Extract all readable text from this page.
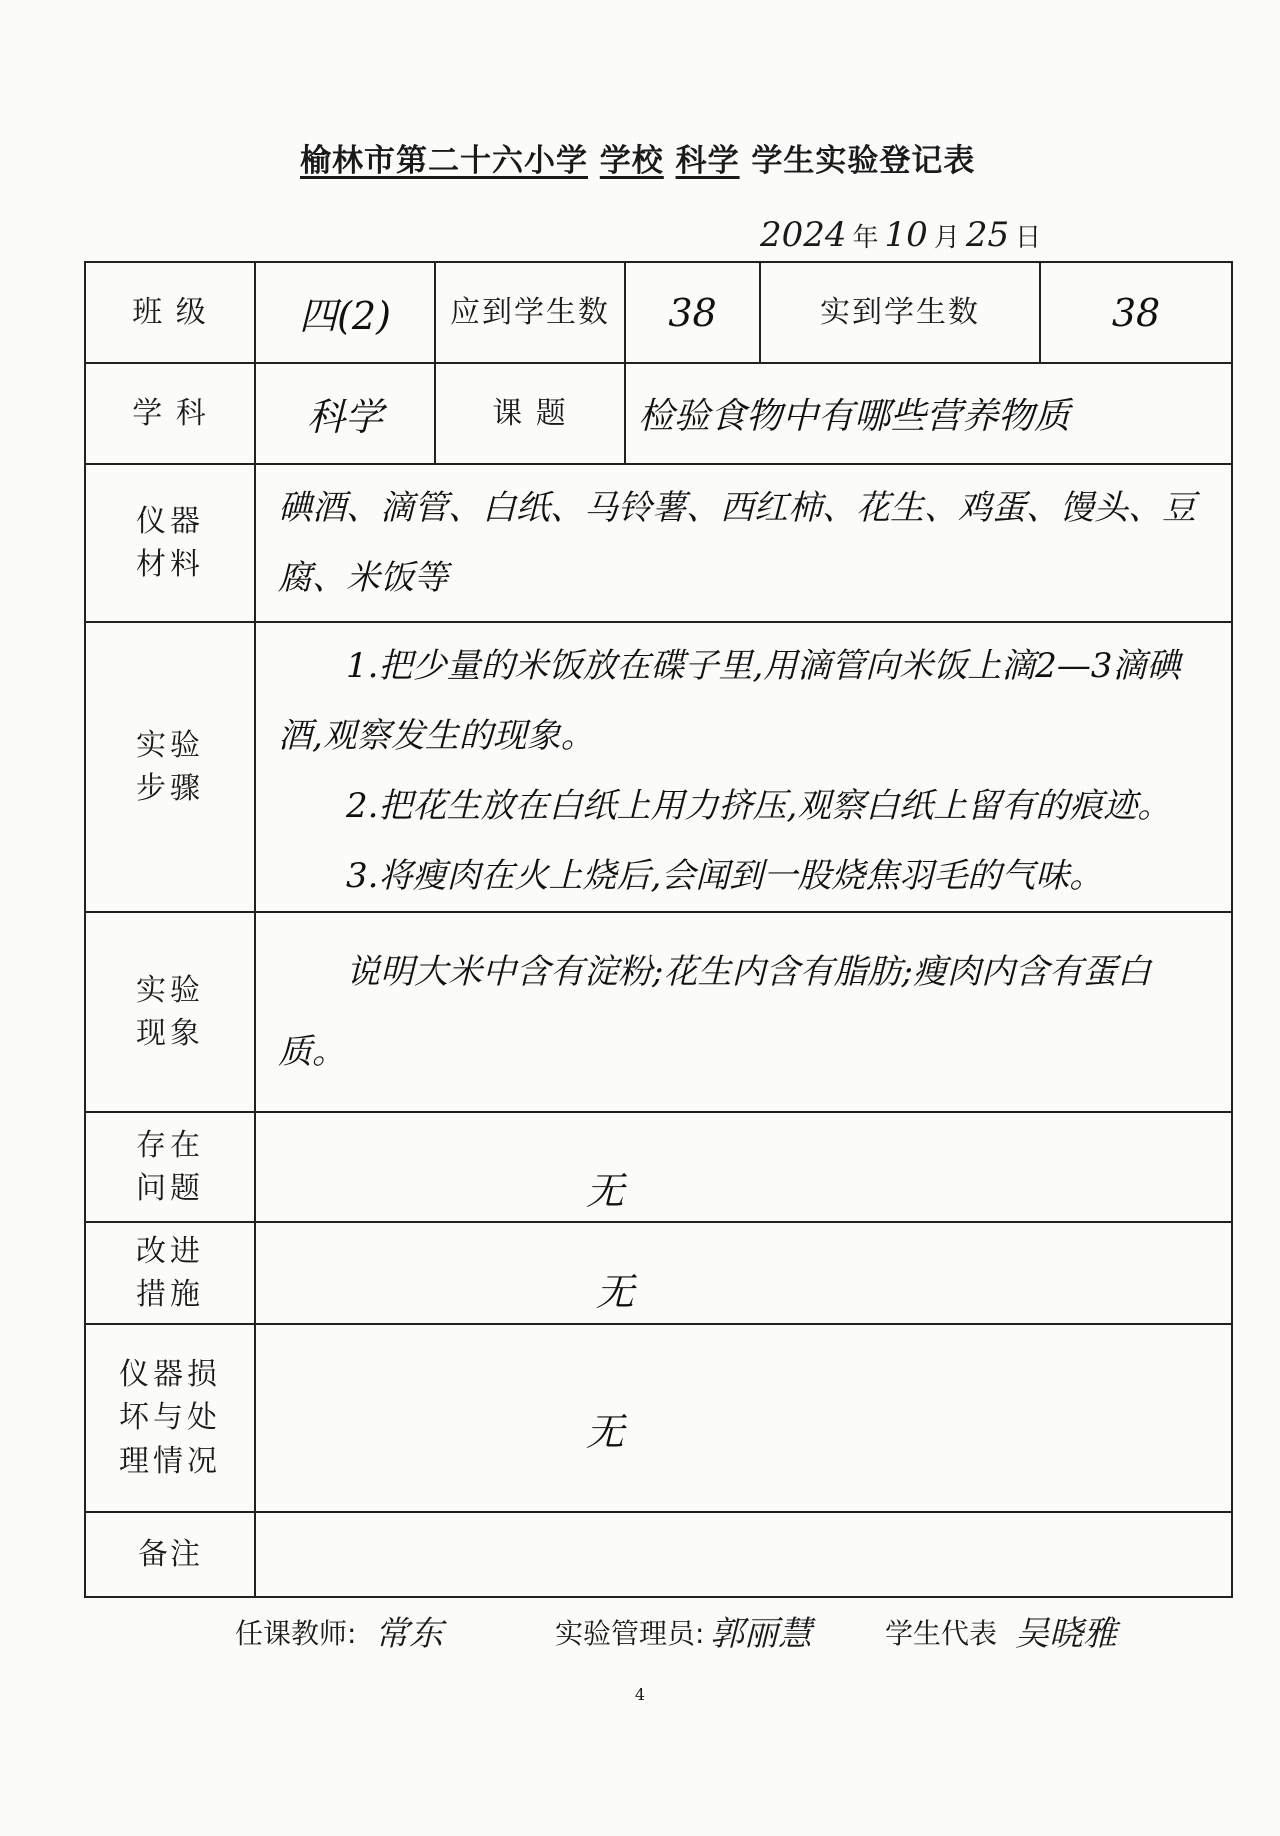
榆林市第二十六小学 学校 科学 学生实验登记表
2024 年 10 月 25 日
班 级	四(2)	应到学生数	38	实到学生数	38
学 科	科学	课 题	检验食物中有哪些营养物质		

仪器材料	碘酒、滴管、白纸、马铃薯、西红柿、花生、鸡蛋、馒头、豆腐、米饭等				

实验步骤	1.把少量的米饭放在碟子里,用滴管向米饭上滴2—3滴碘酒,观察发生的现象。
2.把花生放在白纸上用力挤压,观察白纸上留有的痕迹。
3.将瘦肉在火上烧后,会闻到一股烧焦羽毛的气味。				

实验现象	说明大米中含有淀粉;花生内含有脂肪;瘦肉内含有蛋白质。				

存在问题	无				

改进措施	无				

仪器损坏与处理情况	无				
备注					
任课教师: 常东	实验管理员: 郭丽慧	学生代表 吴晓雅
4
